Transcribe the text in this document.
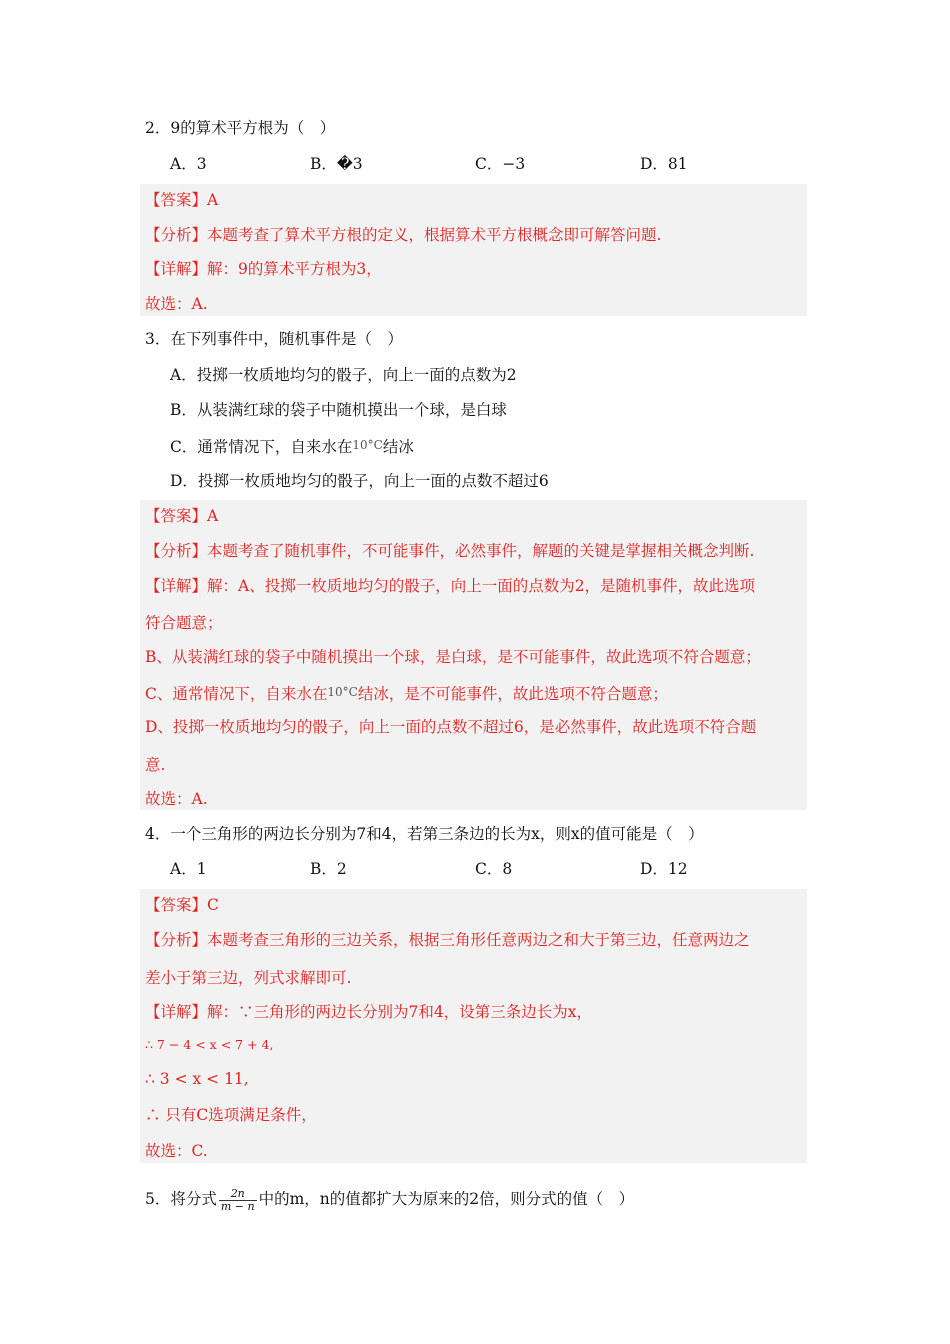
2．9的算术平方根为（　）
A．3	B．�3	C．−3	D．81
【答案】A
【分析】本题考查了算术平方根的定义，根据算术平方根概念即可解答问题.
【详解】解：9的算术平方根为3，
故选：A.
3．在下列事件中，随机事件是（　）
A．投掷一枚质地均匀的骰子，向上一面的点数为2
B．从装满红球的袋子中随机摸出一个球，是白球
C．通常情况下，自来水在10°C结冰
D．投掷一枚质地均匀的骰子，向上一面的点数不超过6
【答案】A
【分析】本题考查了随机事件，不可能事件，必然事件，解题的关键是掌握相关概念判断.
【详解】解：A、投掷一枚质地均匀的骰子，向上一面的点数为2，是随机事件，故此选项
符合题意；
B、从装满红球的袋子中随机摸出一个球，是白球，是不可能事件，故此选项不符合题意；
C、通常情况下，自来水在10°C结冰，是不可能事件，故此选项不符合题意；
D、投掷一枚质地均匀的骰子，向上一面的点数不超过6，是必然事件，故此选项不符合题
意.
故选：A.
4．一个三角形的两边长分别为7和4，若第三条边的长为x，则x的值可能是（　）
A．1	B．2	C．8	D．12
【答案】C
【分析】本题考查三角形的三边关系，根据三角形任意两边之和大于第三边，任意两边之
差小于第三边，列式求解即可.
【详解】解：∵三角形的两边长分别为7和4，设第三条边长为x，
∴ 7 − 4 < x < 7 + 4,
∴ 3 < x < 11,
∴ 只有C选项满足条件，
故选：C.
5．将分式 $\frac{2n}{m - n}$ 中的m，n的值都扩大为原来的2倍，则分式的值（　）
